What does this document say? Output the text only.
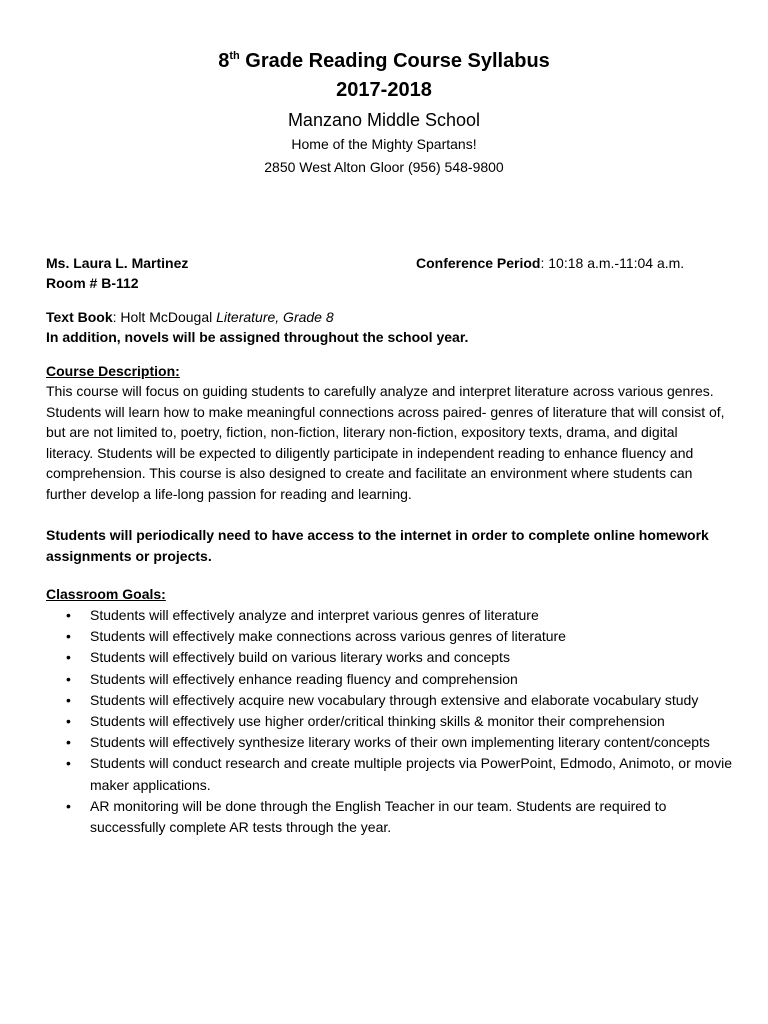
8th Grade Reading Course Syllabus
2017-2018
Manzano Middle School
Home of the Mighty Spartans!
2850 West Alton Gloor (956) 548-9800
Ms. Laura L. Martinez	Conference Period: 10:18 a.m.-11:04 a.m.
Room # B-112
Text Book: Holt McDougal Literature, Grade 8
In addition, novels will be assigned throughout the school year.
Course Description:
This course will focus on guiding students to carefully analyze and interpret literature across various genres. Students will learn how to make meaningful connections across paired- genres of literature that will consist of, but are not limited to, poetry, fiction, non-fiction, literary non-fiction, expository texts, drama, and digital literacy. Students will be expected to diligently participate in independent reading to enhance fluency and comprehension. This course is also designed to create and facilitate an environment where students can further develop a life-long passion for reading and learning.
Students will periodically need to have access to the internet in order to complete online homework assignments or projects.
Classroom Goals:
• Students will effectively analyze and interpret various genres of literature
• Students will effectively make connections across various genres of literature
• Students will effectively build on various literary works and concepts
• Students will effectively enhance reading fluency and comprehension
• Students will effectively acquire new vocabulary through extensive and elaborate vocabulary study
• Students will effectively use higher order/critical thinking skills & monitor their comprehension
• Students will effectively synthesize literary works of their own implementing literary content/concepts
• Students will conduct research and create multiple projects via PowerPoint, Edmodo, Animoto, or movie maker applications.
• AR monitoring will be done through the English Teacher in our team. Students are required to successfully complete AR tests through the year.
